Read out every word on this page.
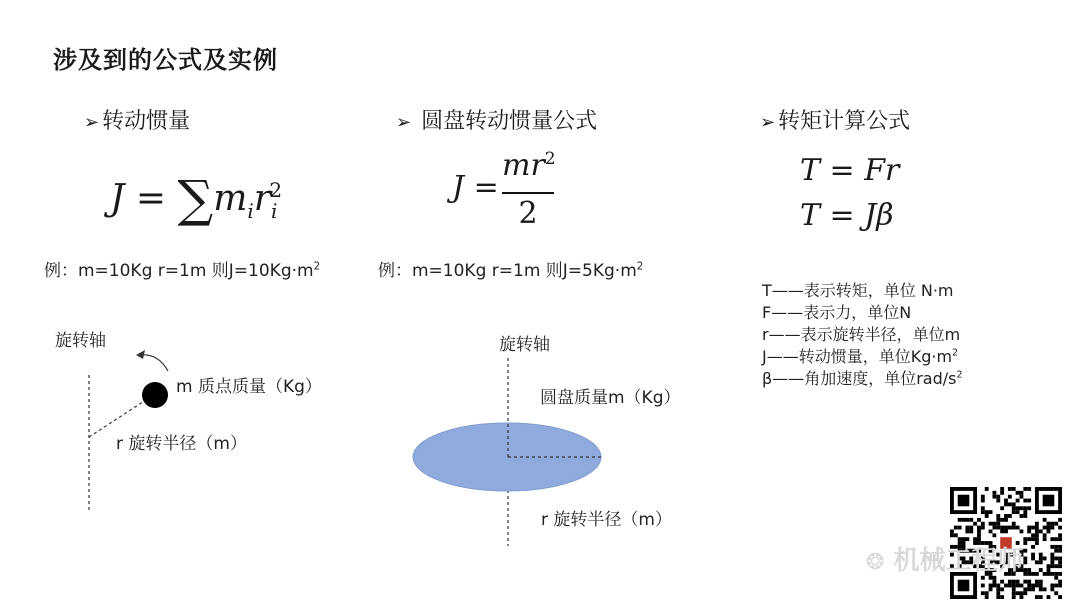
涉及到的公式及实例
➢ 转动惯量
$J = \sum m_ir_i^2$
例：m=10Kg r=1m 则$J=10Kg\cdot m^2$
旋转轴
m 质点质量（Kg）
r 旋转半径（m）
➢ 圆盘转动惯量公式
J =
$mr^2$
2
例：m=10Kg r=1m 则$J=5Kg\cdot m^2$
旋转轴
圆盘质量m（Kg）
r 旋转半径（m）
➢ 转矩计算公式
T = Fr
T = Jβ
T——表示转矩，单位 N·m
F——表示力，单位N
r——表示旋转半径，单位m
J——转动惯量，单位$Kg\cdot m^2$
β——角加速度，单位rad/$s^2$
❂ 机械工程师
